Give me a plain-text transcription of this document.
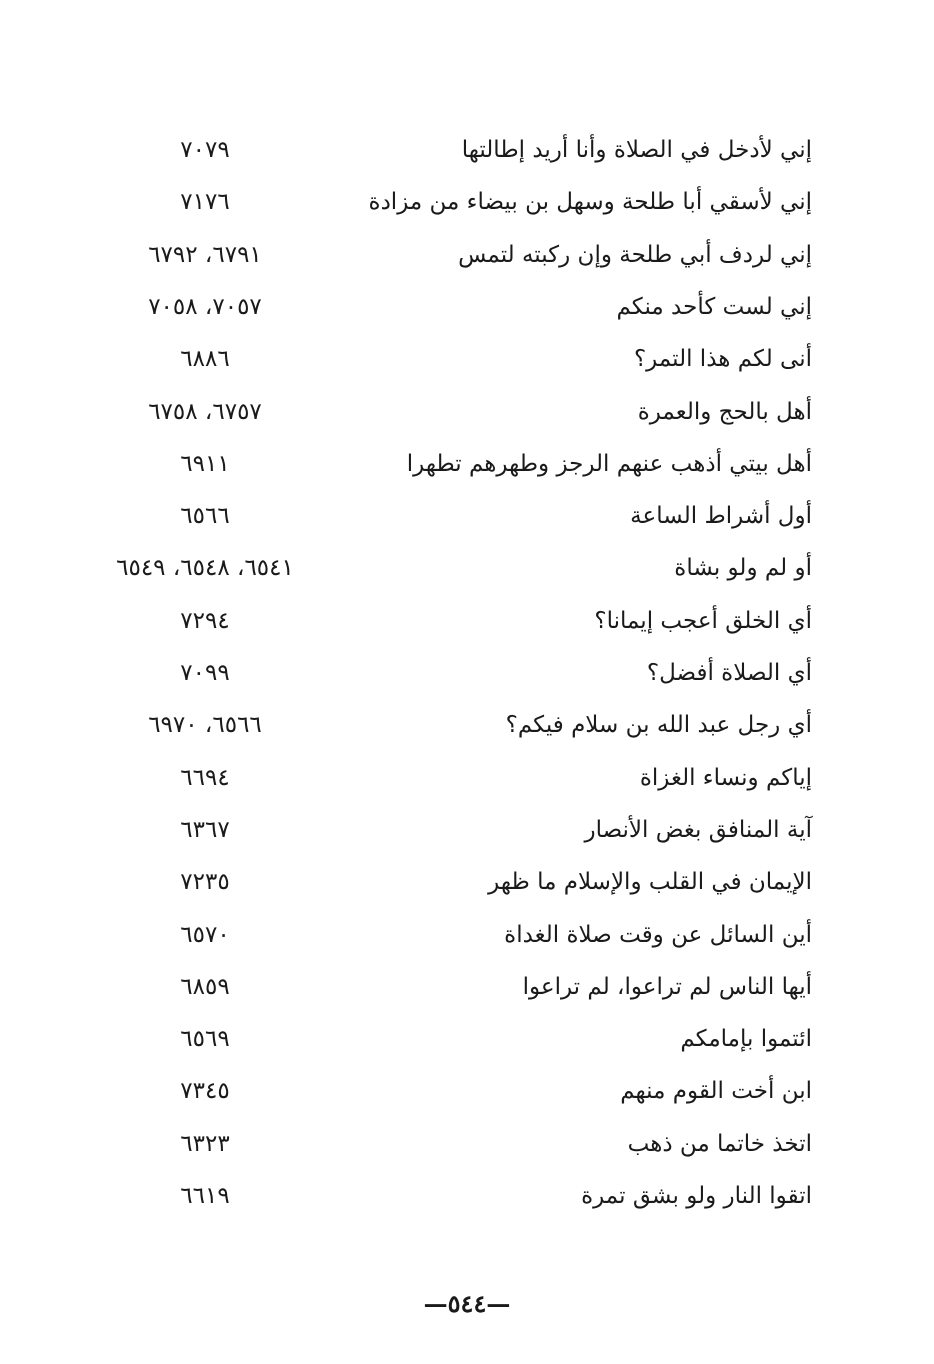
إني لأدخل في الصلاة وأنا أريد إطالتها
٧٠٧٩
إني لأسقي أبا طلحة وسهل بن بيضاء من مزادة
٧١٧٦
إني لردف أبي طلحة وإن ركبته لتمس
٦٧٩١، ٦٧٩٢
إني لست كأحد منكم
٧٠٥٧، ٧٠٥٨
أنى لكم هذا التمر؟
٦٨٨٦
أهل بالحج والعمرة
٦٧٥٧، ٦٧٥٨
أهل بيتي أذهب عنهم الرجز وطهرهم تطهرا
٦٩١١
أول أشراط الساعة
٦٥٦٦
أو لم ولو بشاة
٦٥٤١، ٦٥٤٨، ٦٥٤٩
أي الخلق أعجب إيمانا؟
٧٢٩٤
أي الصلاة أفضل؟
٧٠٩٩
أي رجل عبد الله بن سلام فيكم؟
٦٥٦٦، ٦٩٧٠
إياكم ونساء الغزاة
٦٦٩٤
آية المنافق بغض الأنصار
٦٣٦٧
الإيمان في القلب والإسلام ما ظهر
٧٢٣٥
أين السائل عن وقت صلاة الغداة
٦٥٧٠
أيها الناس لم تراعوا، لم تراعوا
٦٨٥٩
ائتموا بإمامكم
٦٥٦٩
ابن أخت القوم منهم
٧٣٤٥
اتخذ خاتما من ذهب
٦٣٢٣
اتقوا النار ولو بشق تمرة
٦٦١٩
—٥٤٤—
